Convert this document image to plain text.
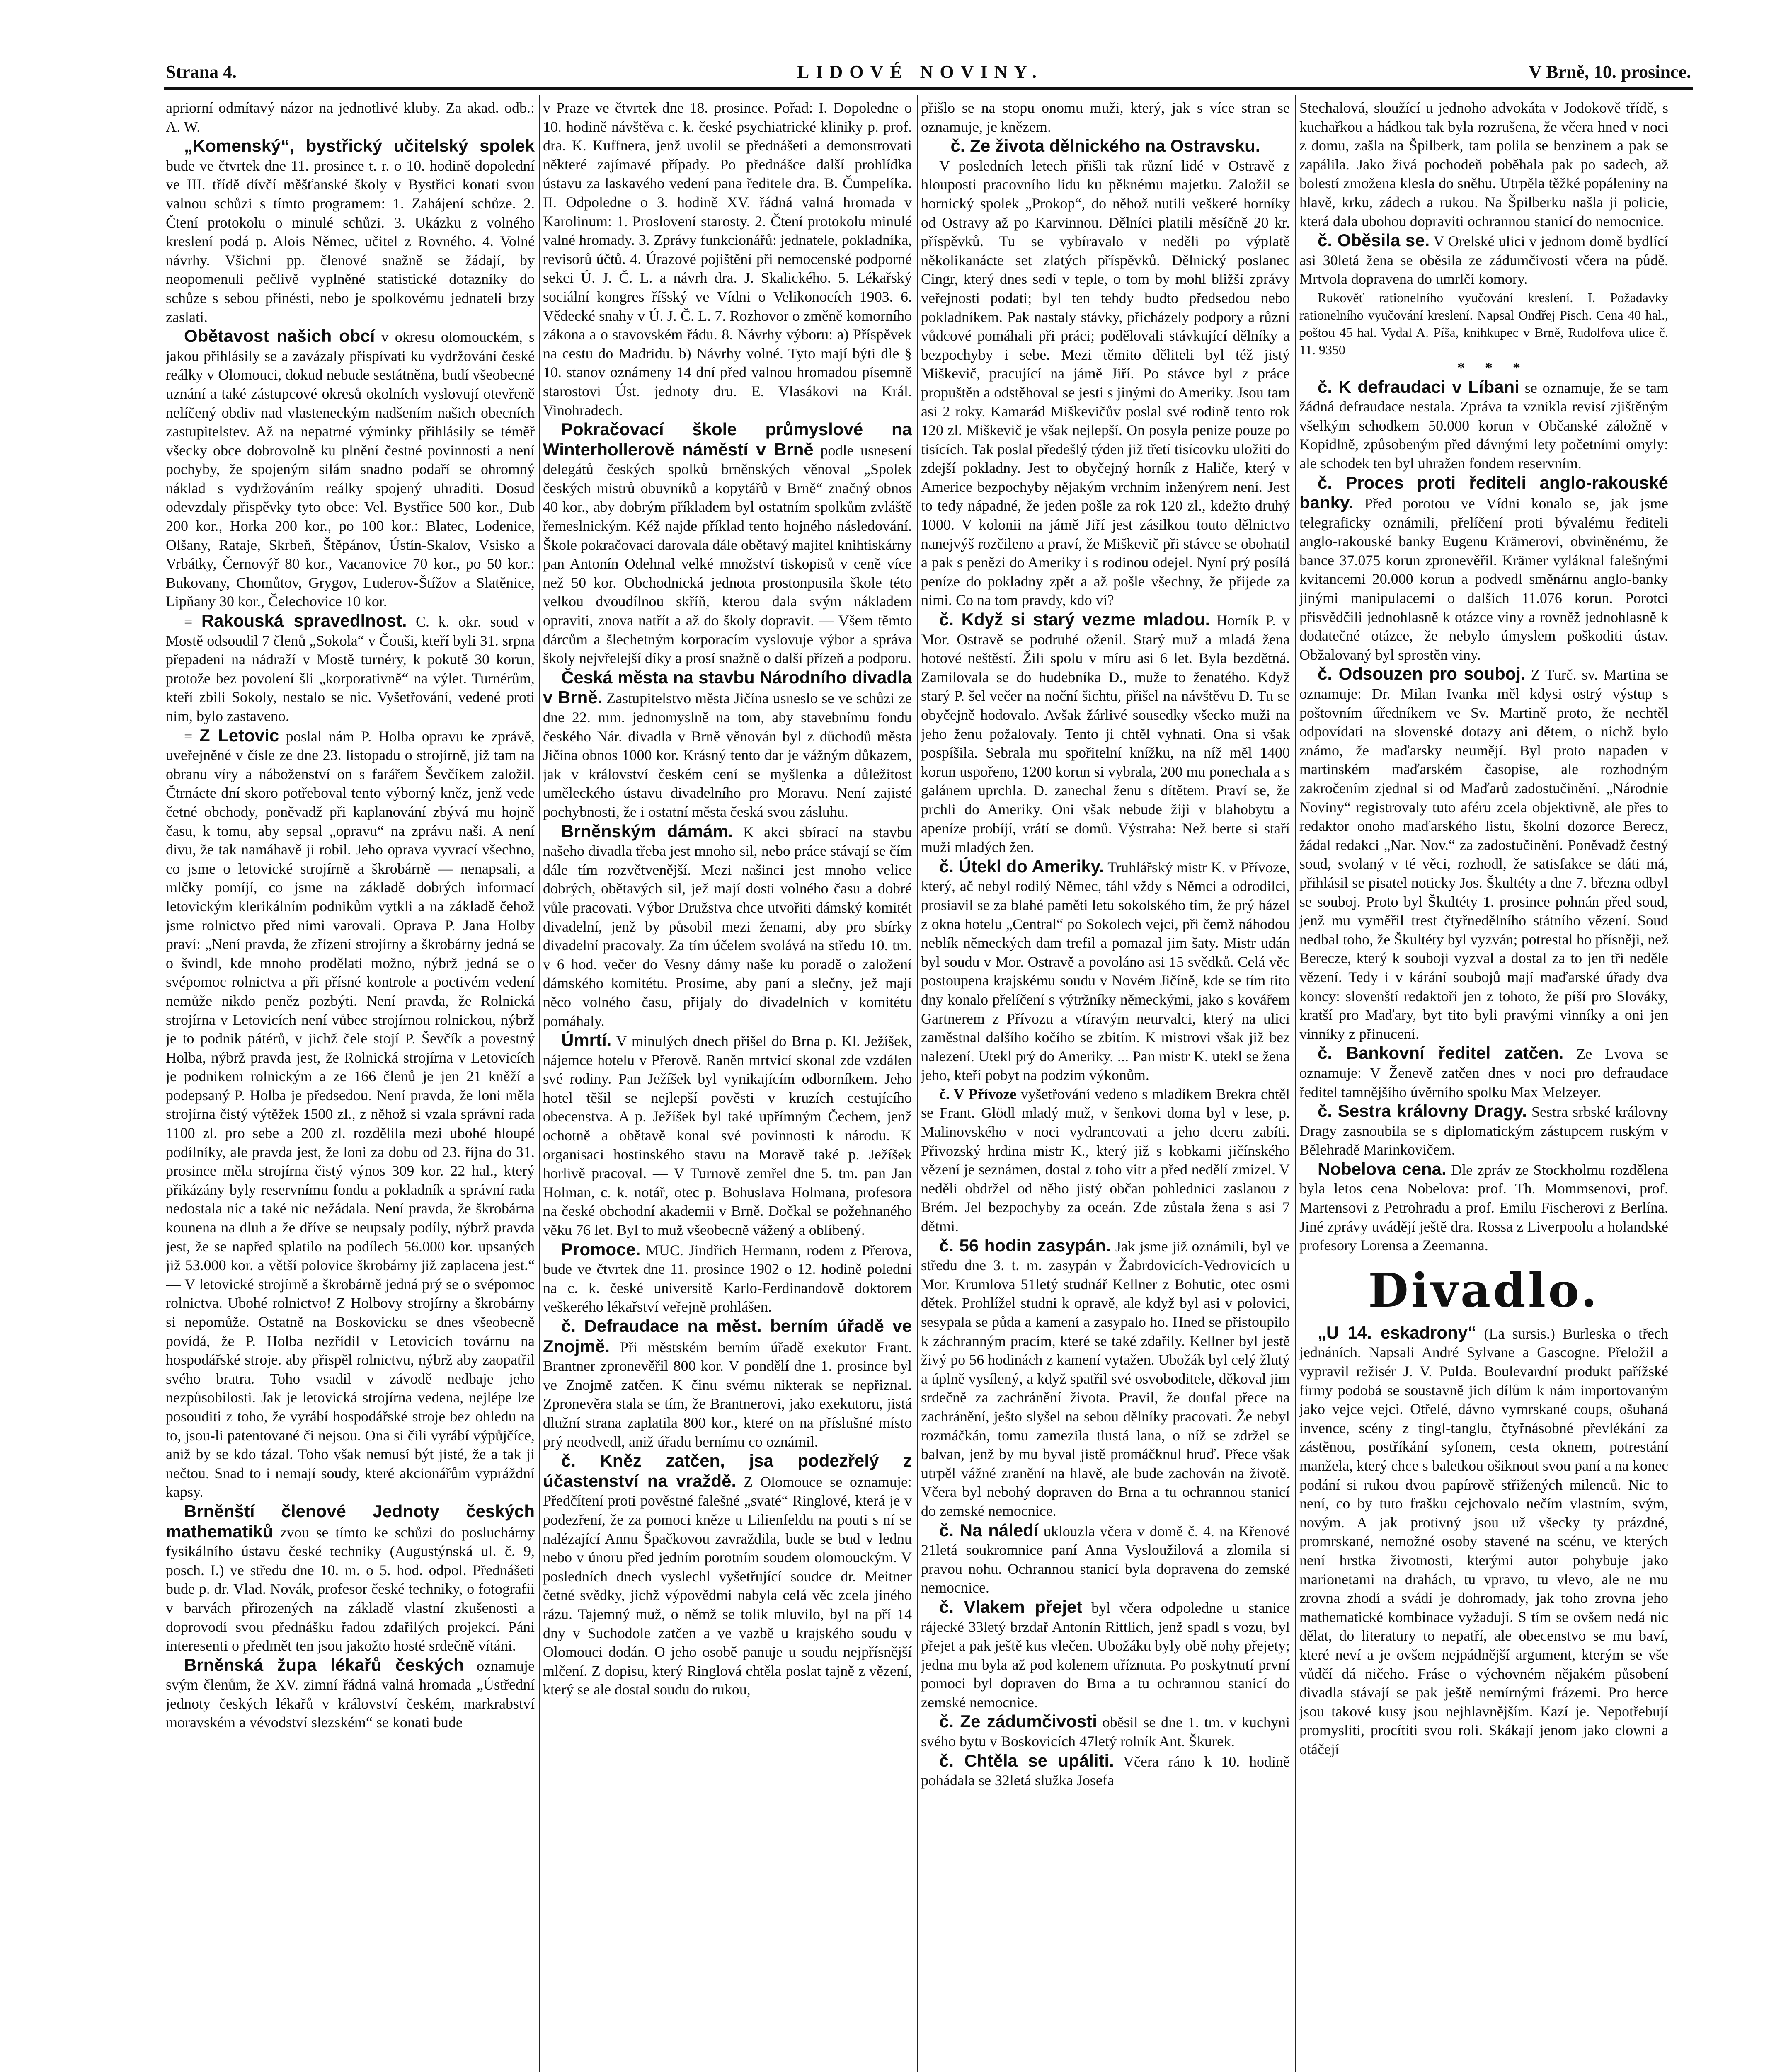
Strana 4.	LIDOVÉ NOVINY.	V Brně, 10. prosince.

apriorní odmítavý názor na jednotlivé kluby. Za akad. odb.: A. W.

„Komenský“, bystřický učitelský spolek bude ve čtvrtek dne 11. prosince t. r. o 10. hodině dopolední ve III. třídě dívčí měšťanské školy v Bystřici konati svou valnou schůzi s tímto programem: 1. Zahájení schůze. 2. Čtení protokolu o minulé schůzi. 3. Ukázku z volného kreslení podá p. Alois Němec, učitel z Rovného. 4. Volné návrhy. Všichni pp. členové snažně se žádají, by neopomenuli pečlivě vyplněné statistické dotazníky do schůze s sebou přinésti, nebo je spolkovému jednateli brzy zaslati.

Obětavost našich obcí v okresu olomouckém, s jakou přihlásily se a zavázaly přispívati ku vydržování české reálky v Olomouci, dokud nebude sestátněna, budí všeobecné uznání a také zástupcové okresů okolních vyslovují otevřeně nelíčený obdiv nad vlasteneckým nadšením našich obecních zastupitelstev. Až na nepatrné výminky přihlásily se téměř všecky obce dobrovolně ku plnění čestné povinnosti a není pochyby, že spojeným silám snadno podaří se ohromný náklad s vydržováním reálky spojený uhraditi. Dosud odevzdaly přispěvky tyto obce: Vel. Bystřice 500 kor., Dub 200 kor., Horka 200 kor., po 100 kor.: Blatec, Lodenice, Olšany, Rataje, Skrbeň, Štěpánov, Ústín-Skalov, Vsisko a Vrbátky, Černovýř 80 kor., Vacanovice 70 kor., po 50 kor.: Bukovany, Chomůtov, Grygov, Luderov-Štížov a Slatěnice, Lipňany 30 kor., Čelechovice 10 kor.

= Rakouská spravedlnost. C. k. okr. soud v Mostě odsoudil 7 členů „Sokola“ v Čouši, kteří byli 31. srpna přepadeni na nádraží v Mostě turnéry, k pokutě 30 korun, protože bez povolení šli „korporativně“ na výlet. Turnérům, kteří zbili Sokoly, nestalo se nic. Vyšetřování, vedené proti nim, bylo zastaveno.

= Z Letovic poslal nám P. Holba opravu ke zprávě, uveřejněné v čísle ze dne 23. listopadu o strojírně, jíž tam na obranu víry a náboženství on s farářem Ševčíkem založil. Čtrnácte dní skoro potřeboval tento výborný kněz, jenž vede četné obchody, poněvadž při kaplanování zbývá mu hojně času, k tomu, aby sepsal „opravu“ na zprávu naši. A není divu, že tak namáhavě ji robil. Jeho oprava vyvrací všechno, co jsme o letovické strojírně a škrobárně — nenapsali, a mlčky pomíjí, co jsme na základě dobrých informací letovickým klerikálním podnikům vytkli a na základě čehož jsme rolnictvo před nimi varovali. Oprava P. Jana Holby praví: „Není pravda, že zřízení strojírny a škrobárny jedná se o švindl, kde mnoho prodělati možno, nýbrž jedná se o svépomoc rolnictva a při přísné kontrole a poctivém vedení nemůže nikdo peněz pozbýti. Není pravda, že Rolnická strojírna v Letovicích není vůbec strojírnou rolnickou, nýbrž je to podnik pátérů, v jichž čele stojí P. Ševčík a povestný Holba, nýbrž pravda jest, že Rolnická strojírna v Letovicích je podnikem rolnickým a ze 166 členů je jen 21 kněží a podepsaný P. Holba je předsedou. Není pravda, že loni měla strojírna čistý výtěžek 1500 zl., z něhož si vzala správní rada 1100 zl. pro sebe a 200 zl. rozdělila mezi ubohé hloupé podílníky, ale pravda jest, že loni za dobu od 23. října do 31. prosince měla strojírna čistý výnos 309 kor. 22 hal., který přikázány byly reservnímu fondu a pokladník a správní rada nedostala nic a také nic nežádala. Není pravda, že škrobárna kounena na dluh a že dříve se neupsaly podíly, nýbrž pravda jest, že se napřed splatilo na podílech 56.000 kor. upsaných již 53.000 kor. a větší polovice škrobárny již zaplacena jest.“ — V letovické strojírně a škrobárně jedná prý se o svépomoc rolnictva. Ubohé rolnictvo! Z Holbovy strojírny a škrobárny si nepomůže. Ostatně na Boskovicku se dnes všeobecně povídá, že P. Holba nezřídil v Letovicích továrnu na hospodářské stroje. aby přispěl rolnictvu, nýbrž aby zaopatřil svého bratra. Toho vsadil v závodě nedbaje jeho nezpůsobilosti. Jak je letovická strojírna vedena, nejlépe lze posouditi z toho, že vyrábí hospodářské stroje bez ohledu na to, jsou-li patentované či nejsou. Ona si čili vyrábí výpůjčíce, aniž by se kdo tázal. Toho však nemusí být jisté, že a tak ji nečtou. Snad to i nemají soudy, které akcionářům vypráždní kapsy.

Brněnští členové Jednoty českých mathematiků zvou se tímto ke schůzi do posluchárny fysikálního ústavu české techniky (Augustýnská ul. č. 9, posch. I.) ve středu dne 10. m. o 5. hod. odpol. Přednášeti bude p. dr. Vlad. Novák, profesor české techniky, o fotografii v barvách přirozených na základě vlastní zkušenosti a doprovodí svou přednášku řadou zdařilých projekcí. Páni interesenti o předmět ten jsou jakožto hosté srdečně vítáni.

Brněnská župa lékařů českých oznamuje svým členům, že XV. zimní řádná valná hromada „Ústřední jednoty českých lékařů v království českém, markrabství moravském a vévodství slezském“ se konati bude

v Praze ve čtvrtek dne 18. prosince. Pořad: I. Dopoledne o 10. hodině návštěva c. k. české psychiatrické kliniky p. prof. dra. K. Kuffnera, jenž uvolil se přednášeti a demonstrovati některé zajímavé případy. Po přednášce další prohlídka ústavu za laskavého vedení pana ředitele dra. B. Čumpelíka. II. Odpoledne o 3. hodině XV. řádná valná hromada v Karolinum: 1. Proslovení starosty. 2. Čtení protokolu minulé valné hromady. 3. Zprávy funkcionářů: jednatele, pokladníka, revisorů účtů. 4. Úrazové pojištění při nemocenské podporné sekci Ú. J. Č. L. a návrh dra. J. Skalického. 5. Lékařský sociální kongres říšský ve Vídni o Velikonocích 1903. 6. Vědecké snahy v Ú. J. Č. L. 7. Rozhovor o změně komorního zákona a o stavovském řádu. 8. Návrhy výboru: a) Příspěvek na cestu do Madridu. b) Návrhy volné. Tyto mají býti dle § 10. stanov oznámeny 14 dní před valnou hromadou písemně starostovi Úst. jednoty dru. E. Vlasákovi na Král. Vinohradech.

Pokračovací škole průmyslové na Winterhollerově náměstí v Brně podle usnesení delegátů českých spolků brněnských věnoval „Spolek českých mistrů obuvníků a kopytářů v Brně“ značný obnos 40 kor., aby dobrým příkladem byl ostatním spolkům zvláště řemeslnickým. Kéž najde příklad tento hojného následování. Škole pokračovací darovala dále obětavý majitel knihtiskárny pan Antonín Odehnal velké množství tiskopisů v ceně více než 50 kor. Obchodnická jednota prostonpusila škole této velkou dvoudílnou skříň, kterou dala svým nákladem opraviti, znova natřít a až do školy dopravit. — Všem těmto dárcům a šlechetným korporacím vyslovuje výbor a správa školy nejvřelejší díky a prosí snažně o další přízeň a podporu.

Česká města na stavbu Národního divadla v Brně. Zastupitelstvo města Jičína usneslo se ve schůzi ze dne 22. mm. jednomyslně na tom, aby stavebnímu fondu českého Nár. divadla v Brně věnován byl z důchodů města Jičína obnos 1000 kor. Krásný tento dar je vážným důkazem, jak v království českém cení se myšlenka a důležitost uměleckého ústavu divadelního pro Moravu. Není zajisté pochybnosti, že i ostatní města česká svou zásluhu.

Brněnským dámám. K akci sbírací na stavbu našeho divadla třeba jest mnoho sil, nebo práce stávají se čím dále tím rozvětvenější. Mezi našinci jest mnoho velice dobrých, obětavých sil, jež mají dosti volného času a dobré vůle pracovati. Výbor Družstva chce utvořiti dámský komitét divadelní, jenž by působil mezi ženami, aby pro sbírky divadelní pracovaly. Za tím účelem svolává na středu 10. tm. v 6 hod. večer do Vesny dámy naše ku poradě o založení dámského komitétu. Prosíme, aby paní a slečny, jež mají něco volného času, přijaly do divadelních v komitétu pomáhaly.

Úmrtí. V minulých dnech přišel do Brna p. Kl. Ježíšek, nájemce hotelu v Přerově. Raněn mrtvicí skonal zde vzdálen své rodiny. Pan Ježíšek byl vynikajícím odborníkem. Jeho hotel těšil se nejlepší pověsti v kruzích cestujícího obecenstva. A p. Ježíšek byl také upřímným Čechem, jenž ochotně a obětavě konal své povinnosti k národu. K organisaci hostinského stavu na Moravě také p. Ježíšek horlivě pracoval. — V Turnově zemřel dne 5. tm. pan Jan Holman, c. k. notář, otec p. Bohuslava Holmana, profesora na české obchodní akademii v Brně. Dočkal se požehnaného věku 76 let. Byl to muž všeobecně vážený a oblíbený.

Promoce. MUC. Jindřich Hermann, rodem z Přerova, bude ve čtvrtek dne 11. prosince 1902 o 12. hodině polední na c. k. české universitě Karlo-Ferdinandově doktorem veškerého lékařství veřejně prohlášen.

č. Defraudace na měst. berním úřadě ve Znojmě. Při městském berním úřadě exekutor Frant. Brantner zpronevěřil 800 kor. V pondělí dne 1. prosince byl ve Znojmě zatčen. K činu svému nikterak se nepřiznal. Zpronevěra stala se tím, že Brantnerovi, jako exekutoru, jistá dlužní strana zaplatila 800 kor., které on na příslušné místo prý neodvedl, aniž úřadu bernímu co oznámil.

č. Kněz zatčen, jsa podezřelý z účastenství na vraždě. Z Olomouce se oznamuje: Předčítení proti pověstné falešné „svaté“ Ringlové, která je v podezření, že za pomoci kněze u Lilienfeldu na pouti s ní se nalézající Annu Špačkovou zavraždila, bude se bud v lednu nebo v únoru před jedním porotním soudem olomouckým. V posledních dnech vyslechl vyšetřující soudce dr. Meitner četné svědky, jichž výpovědmi nabyla celá věc zcela jiného rázu. Tajemný muž, o němž se tolik mluvilo, byl na pří 14 dny v Suchodole zatčen a ve vazbě u krajského soudu v Olomouci dodán. O jeho osobě panuje u soudu nejpřísnější mlčení. Z dopisu, který Ringlová chtěla poslat tajně z vězení, který se ale dostal soudu do rukou,

přišlo se na stopu onomu muži, který, jak s více stran se oznamuje, je knězem.

č. Ze života dělnického na Ostravsku.

V posledních letech přišli tak různí lidé v Ostravě z hlouposti pracovního lidu ku pěknému majetku. Založil se hornický spolek „Prokop“, do něhož nutili veškeré horníky od Ostravy až po Karvinnou. Dělníci platili měsíčně 20 kr. příspěvků. Tu se vybíravalo v neděli po výplatě několikanácte set zlatých příspěvků. Dělnický poslanec Cingr, který dnes sedí v teple, o tom by mohl bližší zprávy veřejnosti podati; byl ten tehdy budto předsedou nebo pokladníkem. Pak nastaly stávky, přicházely podpory a různí vůdcové pomáhali při práci; podělovali stávkující dělníky a bezpochyby i sebe. Mezi těmito děliteli byl též jistý Miškevič, pracující na jámě Jiří. Po stávce byl z práce propuštěn a odstěhoval se jesti s jinými do Ameriky. Jsou tam asi 2 roky. Kamarád Miškevičův poslal své rodině tento rok 120 zl. Miškevič je však nejlepší. On posyla penize pouze po tisících. Tak poslal předešlý týden již třetí tisícovku uložiti do zdejší pokladny. Jest to obyčejný horník z Haliče, který v Americe bezpochyby nějakým vrchním inženýrem není. Jest to tedy nápadné, že jeden pošle za rok 120 zl., kdežto druhý 1000. V kolonii na jámě Jiří jest zásilkou touto dělnictvo nanejvýš rozčileno a praví, že Miškevič při stávce se obohatil a pak s penězi do Ameriky i s rodinou odejel. Nyní prý posílá peníze do pokladny zpět a až pošle všechny, že přijede za nimi. Co na tom pravdy, kdo ví?

č. Když si starý vezme mladou. Horník P. v Mor. Ostravě se podruhé oženil. Starý muž a mladá žena hotové neštěstí. Žili spolu v míru asi 6 let. Byla bezdětná. Zamilovala se do hudebníka D., muže to ženatého. Když starý P. šel večer na noční šichtu, přišel na návštěvu D. Tu se obyčejně hodovalo. Avšak žárlivé sousedky všecko muži na jeho ženu požalovaly. Tento ji chtěl vyhnati. Ona si však pospíšila. Sebrala mu spořitelní knížku, na níž měl 1400 korun uspořeno, 1200 korun si vybrala, 200 mu ponechala a s galánem uprchla. D. zanechal ženu s dítětem. Praví se, že prchli do Ameriky. Oni však nebude žiji v blahobytu a apeníze probíjí, vrátí se domů. Výstraha: Než berte si staří muži mladých žen.

č. Útekl do Ameriky. Truhlářský mistr K. v Přívoze, který, ač nebyl rodilý Němec, táhl vždy s Němci a odrodilci, prosiavil se za blahé paměti letu sokolského tím, že prý házel z okna hotelu „Central“ po Sokolech vejci, při čemž náhodou neblík německých dam trefil a pomazal jim šaty. Mistr udán byl soudu v Mor. Ostravě a povoláno asi 15 svědků. Celá věc postoupena krajskému soudu v Novém Jičíně, kde se tím tito dny konalo přelíčení s výtržníky německými, jako s kovářem Gartnerem z Přívozu a vtíravým neurvalci, který na ulici zaměstnal dalšího kočího se zbitím. K mistrovi však již bez nalezení. Utekl prý do Ameriky. ... Pan mistr K. utekl se žena jeho, kteří pobyt na podzim výkonům.

č. V Přívoze vyšetřování vedeno s mladíkem Brekra chtěl se Frant. Glödl mladý muž, v šenkovi doma byl v lese, p. Malinovského v noci vydrancovati a jeho dceru zabíti. Přivozský hrdina mistr K., který již s kobkami jičínského vězení je seznámen, dostal z toho vitr a před nedělí zmizel. V neděli obdržel od něho jistý občan pohlednici zaslanou z Brém. Jel bezpochyby za oceán. Zde zůstala žena s asi 7 dětmi.

č. 56 hodin zasypán. Jak jsme již oznámili, byl ve středu dne 3. t. m. zasypán v Žabrdovicích-Vedrovicích u Mor. Krumlova 51letý studnář Kellner z Bohutic, otec osmi dětek. Prohlížel studni k opravě, ale když byl asi v polovici, sesypala se půda a kamení a zasypalo ho. Hned se přistoupilo k záchranným pracím, které se také zdařily. Kellner byl jestě živý po 56 hodinách z kamení vytažen. Ubožák byl celý žlutý a úplně vysílený, a když spatřil své osvoboditele, děkoval jim srdečně za zachránění života. Pravil, že doufal přece na zachránění, ješto slyšel na sebou dělníky pracovati. Že nebyl rozmáčkán, tomu zamezila tlustá lana, o níž se zdržel se balvan, jenž by mu byval jistě promáčknul hruď. Přece však utrpěl vážné zranění na hlavě, ale bude zachován na životě. Včera byl nebohý dopraven do Brna a tu ochrannou stanicí do zemské nemocnice.

č. Na náledí uklouzla včera v domě č. 4. na Křenové 21letá soukromnice paní Anna Vysloužilová a zlomila si pravou nohu. Ochrannou stanicí byla dopravena do zemské nemocnice.

č. Vlakem přejet byl včera odpoledne u stanice rájecké 33letý brzdař Antonín Rittlich, jenž spadl s vozu, byl přejet a pak ještě kus vlečen. Ubožáku byly obě nohy přejety; jedna mu byla až pod kolenem uříznuta. Po poskytnutí první pomoci byl dopraven do Brna a tu ochrannou stanicí do zemské nemocnice.

č. Ze zádumčivosti oběsil se dne 1. tm. v kuchyni svého bytu v Boskovicích 47letý rolník Ant. Škurek.

č. Chtěla se upáliti. Včera ráno k 10. hodině pohádala se 32letá služka Josefa

Stechalová, sloužící u jednoho advokáta v Jodokově třídě, s kuchařkou a hádkou tak byla rozrušena, že včera hned v noci z domu, zašla na Špilberk, tam polila se benzinem a pak se zapálila. Jako živá pochodeň poběhala pak po sadech, až bolestí zmožena klesla do sněhu. Utrpěla těžké popáleniny na hlavě, krku, zádech a rukou. Na Špilberku našla ji policie, která dala ubohou dopraviti ochrannou stanicí do nemocnice.

č. Oběsila se. V Orelské ulici v jednom domě bydlící asi 30letá žena se oběsila ze zádumčivosti včera na půdě. Mrtvola dopravena do umrlčí komory.

Rukověť rationelního vyučování kreslení. I. Požadavky rationelního vyučování kreslení. Napsal Ondřej Pisch. Cena 40 hal., poštou 45 hal. Vydal A. Píša, knihkupec v Brně, Rudolfova ulice č. 11. 9350

* * *

č. K defraudaci v Líbani se oznamuje, že se tam žádná defraudace nestala. Zpráva ta vznikla revisí zjištěným všelkým schodkem 50.000 korun v Občanské záložně v Kopidlně, způsobeným před dávnými lety početními omyly: ale schodek ten byl uhražen fondem reservním.

č. Proces proti řediteli anglo-rakouské banky. Před porotou ve Vídni konalo se, jak jsme telegraficky oznámili, přelíčení proti bývalému řediteli anglo-rakouské banky Eugenu Krämerovi, obviněnému, že bance 37.075 korun zpronevěřil. Krämer vyláknal falešnými kvitancemi 20.000 korun a podvedl směnárnu anglo-banky jinými manipulacemi o dalších 11.076 korun. Porotci přisvědčili jednohlasně k otázce viny a rovněž jednohlasně k dodatečné otázce, že nebylo úmyslem poškoditi ústav. Obžalovaný byl sprostěn viny.

č. Odsouzen pro souboj. Z Turč. sv. Martina se oznamuje: Dr. Milan Ivanka měl kdysi ostrý výstup s poštovním úředníkem ve Sv. Martině proto, že nechtěl odpovídati na slovenské dotazy ani dětem, o nichž bylo známo, že maďarsky neumějí. Byl proto napaden v martinském maďarském časopise, ale rozhodným zakročením zjednal si od Maďarů zadostučinění. „Národnie Noviny“ registrovaly tuto aféru zcela objektivně, ale přes to redaktor onoho maďarského listu, školní dozorce Berecz, žádal redakci „Nar. Nov.“ za zadostučinění. Poněvadž čestný soud, svolaný v té věci, rozhodl, že satisfakce se dáti má, přihlásil se pisatel noticky Jos. Škultéty a dne 7. března odbyl se souboj. Proto byl Škultéty 1. prosince pohnán před soud, jenž mu vyměřil trest čtyřnedělního státního vězení. Soud nedbal toho, že Škultéty byl vyzván; potrestal ho přísněji, než Berecze, který k souboji vyzval a dostal za to jen tři neděle vězení. Tedy i v kárání soubojů mají maďarské úřady dva koncy: slovenští redaktoři jen z tohoto, že píší pro Slováky, kratší pro Maďary, byt tito byli pravými vinníky a oni jen vinníky z přinucení.

č. Bankovní ředitel zatčen. Ze Lvova se oznamuje: V Ženevě zatčen dnes v noci pro defraudace ředitel tamnějšího úvěrního spolku Max Melzeyer.

č. Sestra královny Dragy. Sestra srbské královny Dragy zasnoubila se s diplomatickým zástupcem ruským v Bělehradě Marinkovičem.

Nobelova cena. Dle zpráv ze Stockholmu rozdělena byla letos cena Nobelova: prof. Th. Mommsenovi, prof. Martensovi z Petrohradu a prof. Emilu Fischerovi z Berlína. Jiné zprávy uvádějí ještě dra. Rossa z Liverpoolu a holandské profesory Lorensa a Zeemanna.

Divadlo.

„U 14. eskadrony“ (La sursis.) Burleska o třech jednáních. Napsali André Sylvane a Gascogne. Přeložil a vypravil režisér J. V. Pulda. Boulevardní produkt pařížské firmy podobá se soustavně jich dílům k nám importovaným jako vejce vejci. Otřelé, dávno vymrskané coups, ošuhaná invence, scény z tingl-tanglu, čtyřnásobné převlékání za zástěnou, postříkání syfonem, cesta oknem, potrestání manžela, který chce s baletkou ošiknout svou paní a na konec podání si rukou dvou papírově střižených milenců. Nic to není, co by tuto frašku cejchovalo nečím vlastním, svým, novým. A jak protivný jsou už všecky ty prázdné, promrskané, nemožné osoby stavené na scénu, ve kterých není hrstka životnosti, kterými autor pohybuje jako marionetami na drahách, tu vpravo, tu vlevo, ale ne mu zrovna zhodí a svádí je dohromady, jak toho zrovna jeho mathematické kombinace vyžadují. S tím se ovšem nedá nic dělat, do literatury to nepatří, ale obecenstvo se mu baví, které neví a je ovšem nejpádnější argument, kterým se vše vůdčí dá ničeho. Fráse o výchovném nějakém působení divadla stávají se pak ještě nemírnými frázemi. Pro herce jsou takové kusy jsou nejhlavnějším. Kazí je. Nepotřebují promysliti, procítiti svou roli. Skákají jenom jako clowni a otáčejí
